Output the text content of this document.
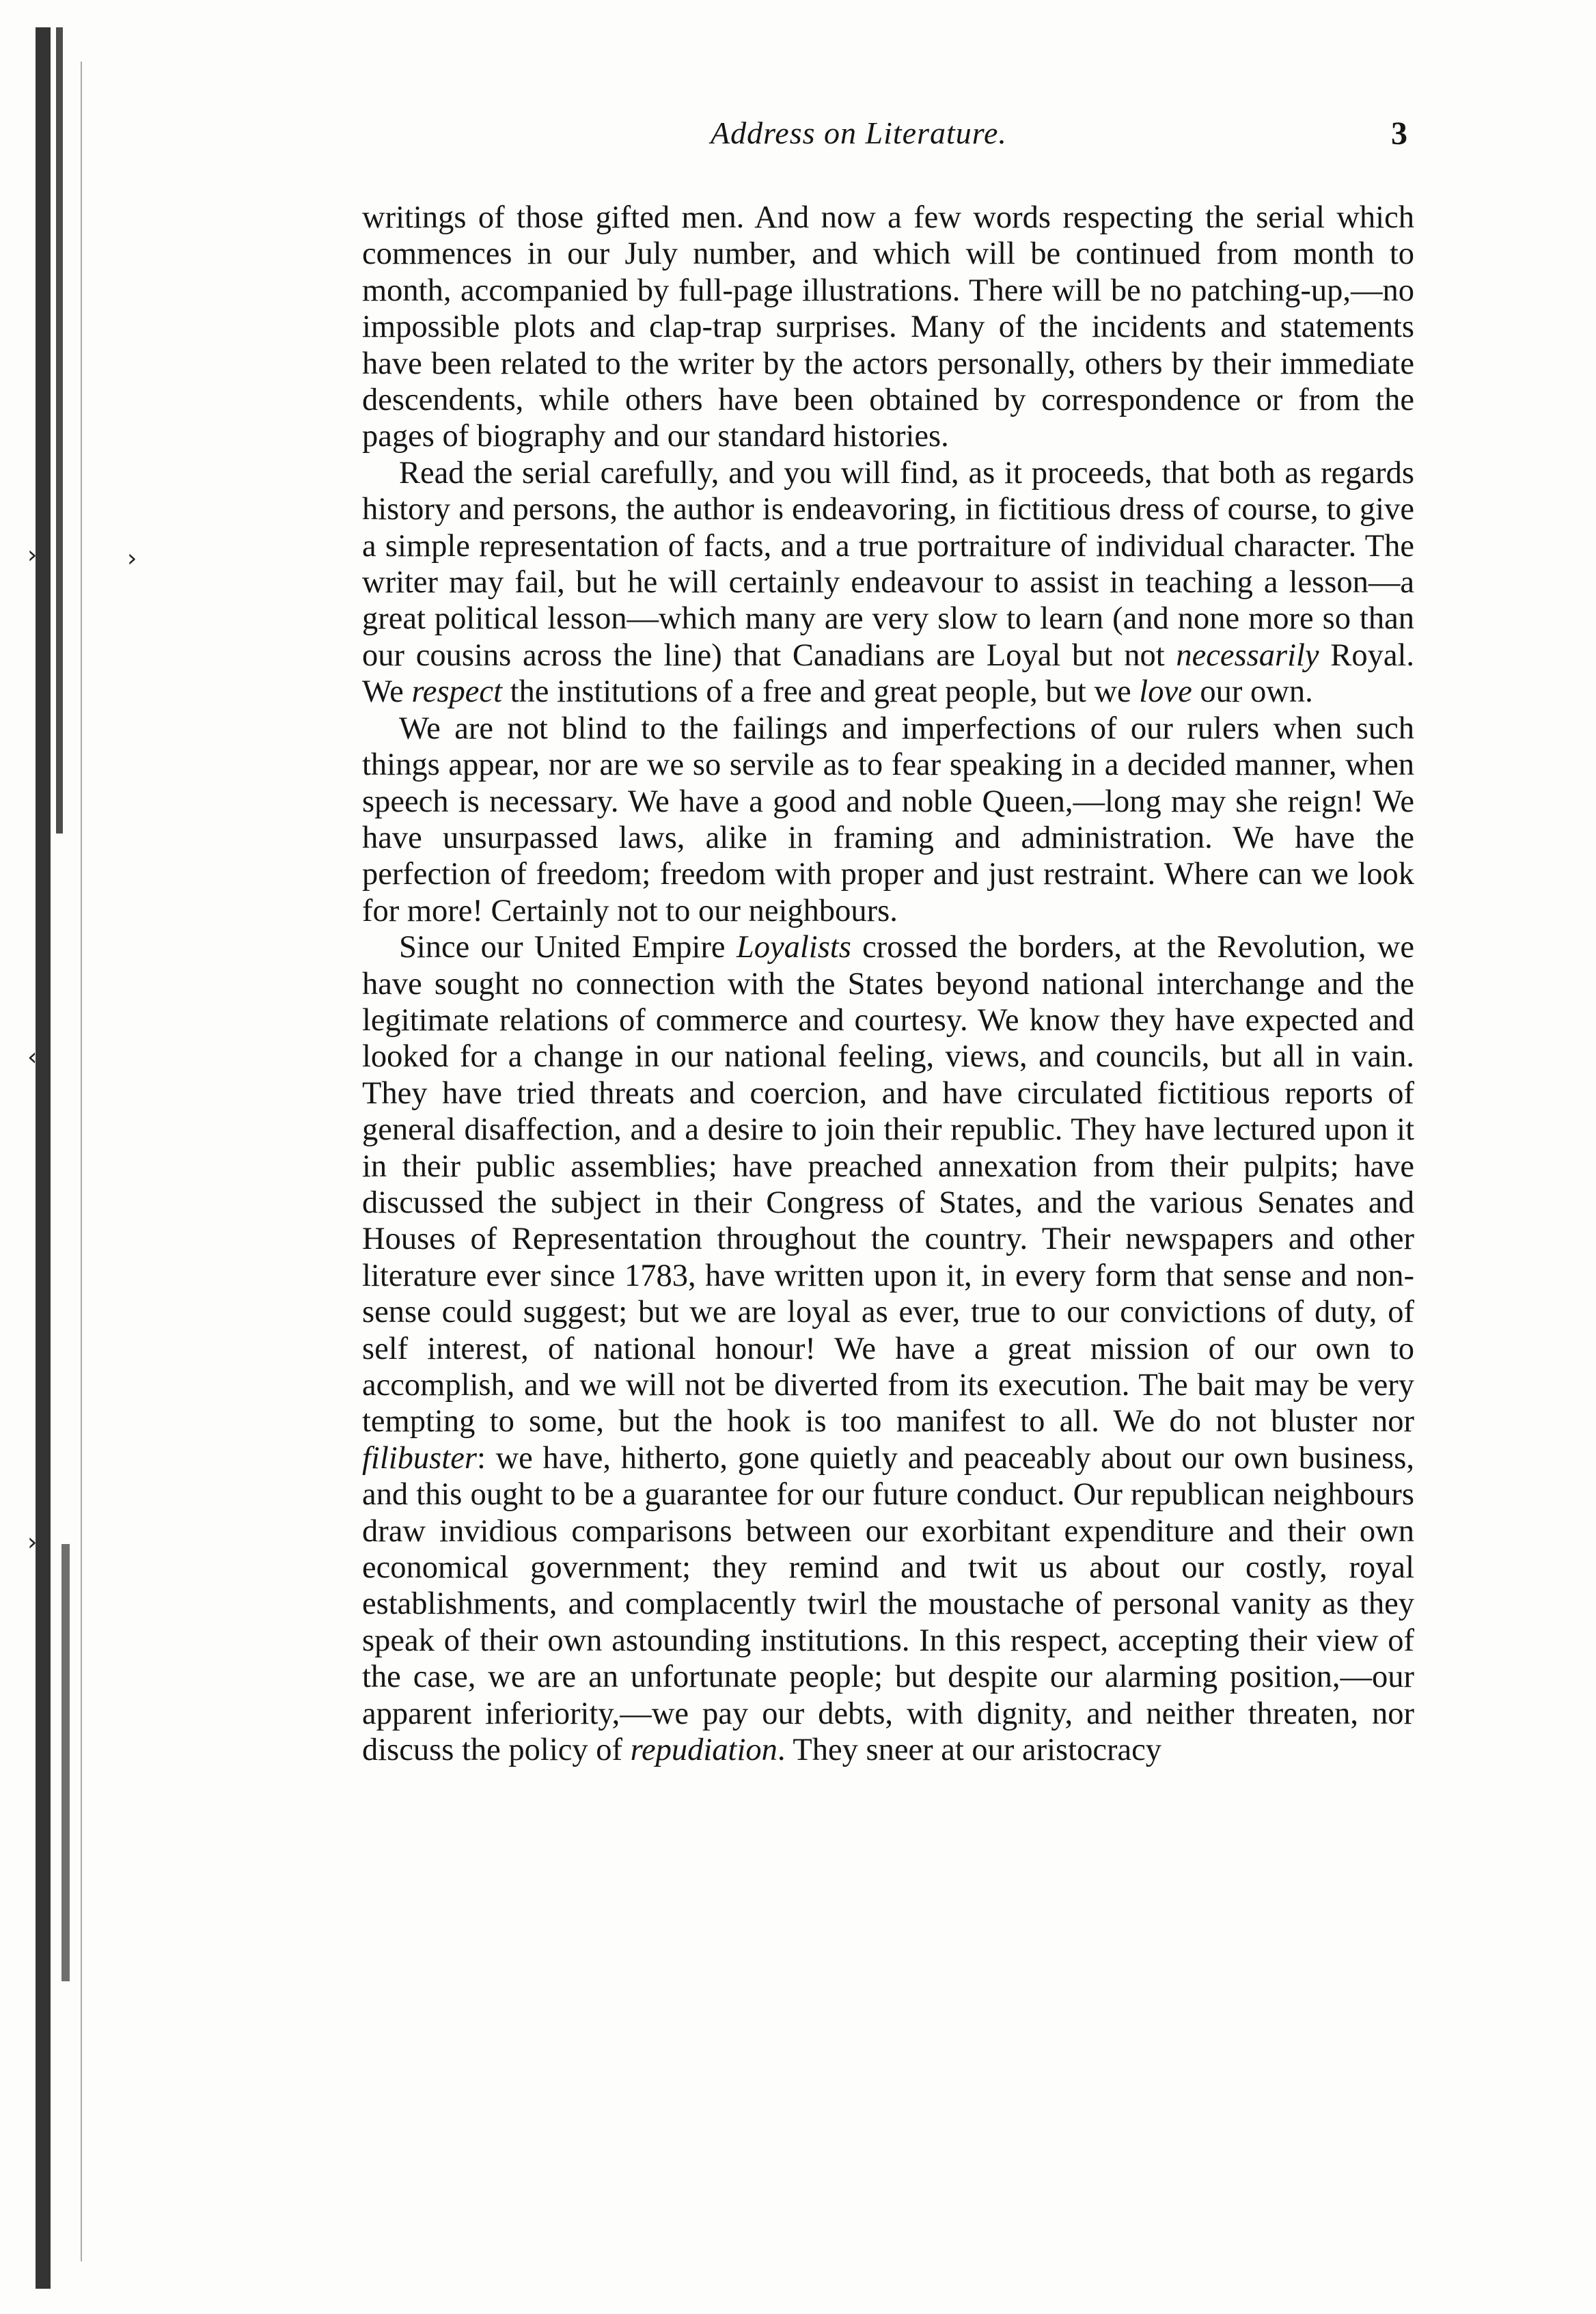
›
‹
›
›
Address on Literature.	3

writings of those gifted men. And now a few words respecting the serial which commences in our July number, and which will be continued from month to month, accompanied by full-page illustrations. There will be no patching-up,—no impossible plots and clap-trap surprises. Many of the incidents and statements have been related to the writer by the actors personally, others by their immediate descendents, while others have been obtained by correspondence or from the pages of biography and our standard histories.

Read the serial carefully, and you will find, as it proceeds, that both as regards history and persons, the author is endeavoring, in fictitious dress of course, to give a simple representation of facts, and a true portraiture of individual character. The writer may fail, but he will certainly endeavour to assist in teaching a lesson—a great political lesson—which many are very slow to learn (and none more so than our cousins across the line) that Canadians are Loyal but not necessarily Royal. We respect the institutions of a free and great people, but we love our own.

We are not blind to the failings and imperfections of our rulers when such things appear, nor are we so servile as to fear speaking in a decided manner, when speech is necessary. We have a good and noble Queen,—long may she reign! We have unsurpassed laws, alike in framing and administration. We have the perfection of freedom; freedom with proper and just restraint. Where can we look for more! Certainly not to our neighbours.

Since our United Empire Loyalists crossed the borders, at the Revolution, we have sought no connection with the States beyond national interchange and the legitimate relations of commerce and courtesy. We know they have expected and looked for a change in our national feeling, views, and councils, but all in vain. They have tried threats and coercion, and have circulated fictitious reports of general disaffection, and a desire to join their republic. They have lectured upon it in their public assemblies; have preached annexation from their pulpits; have discussed the subject in their Congress of States, and the various Senates and Houses of Representation throughout the country. Their newspapers and other literature ever since 1783, have written upon it, in every form that sense and non-sense could suggest; but we are loyal as ever, true to our convictions of duty, of self interest, of national honour! We have a great mission of our own to accomplish, and we will not be diverted from its execution. The bait may be very tempting to some, but the hook is too manifest to all. We do not bluster nor filibuster: we have, hitherto, gone quietly and peaceably about our own business, and this ought to be a guarantee for our future conduct. Our republican neighbours draw invidious comparisons between our exorbitant expenditure and their own economical government; they remind and twit us about our costly, royal establishments, and complacently twirl the moustache of personal vanity as they speak of their own astounding institutions. In this respect, accepting their view of the case, we are an unfortunate people; but despite our alarming position,—our apparent inferiority,—we pay our debts, with dignity, and neither threaten, nor discuss the policy of repudiation. They sneer at our aristocracy
